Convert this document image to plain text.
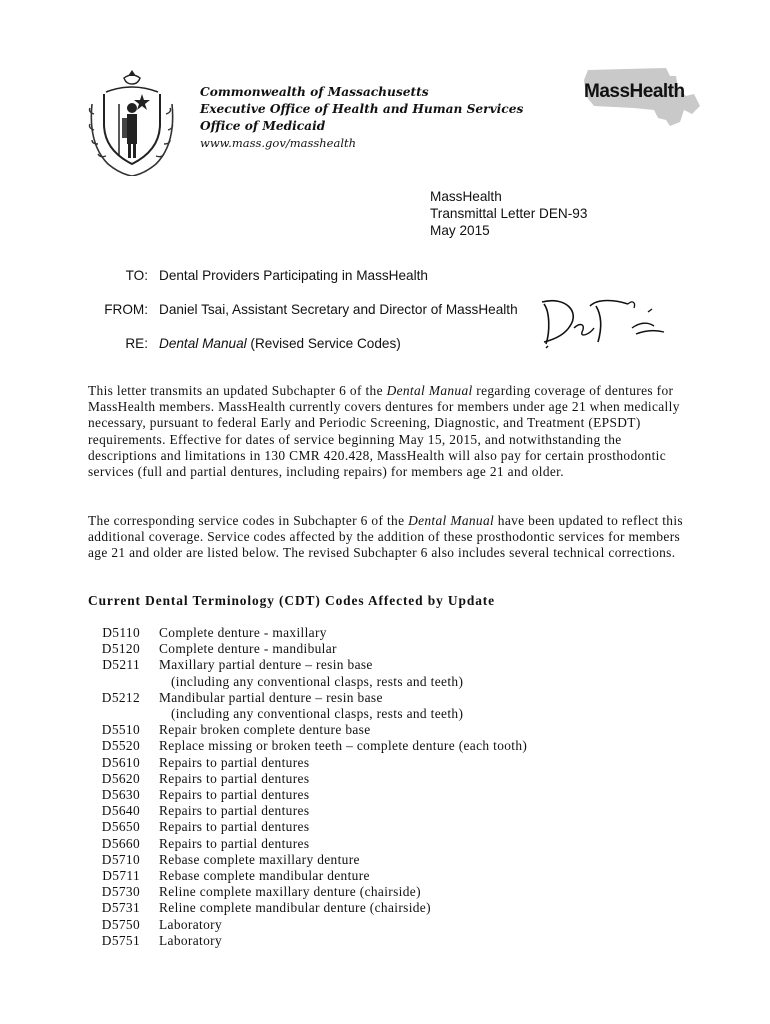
Commonwealth of Massachusetts
Executive Office of Health and Human Services
Office of Medicaid
www.mass.gov/masshealth
MassHealth
MassHealth
Transmittal Letter DEN-93
May 2015
TO: Dental Providers Participating in MassHealth
FROM: Daniel Tsai, Assistant Secretary and Director of MassHealth
RE: Dental Manual (Revised Service Codes)

This letter transmits an updated Subchapter 6 of the Dental Manual regarding coverage of dentures for MassHealth members. MassHealth currently covers dentures for members under age 21 when medically necessary, pursuant to federal Early and Periodic Screening, Diagnostic, and Treatment (EPSDT) requirements. Effective for dates of service beginning May 15, 2015, and notwithstanding the descriptions and limitations in 130 CMR 420.428, MassHealth will also pay for certain prosthodontic services (full and partial dentures, including repairs) for members age 21 and older.

The corresponding service codes in Subchapter 6 of the Dental Manual have been updated to reflect this additional coverage. Service codes affected by the addition of these prosthodontic services for members age 21 and older are listed below. The revised Subchapter 6 also includes several technical corrections.

Current Dental Terminology (CDT) Codes Affected by Update
D5110	Complete denture - maxillary
D5120	Complete denture - mandibular
D5211	Maxillary partial denture – resin base
(including any conventional clasps, rests and teeth)
D5212	Mandibular partial denture – resin base
(including any conventional clasps, rests and teeth)
D5510	Repair broken complete denture base
D5520	Replace missing or broken teeth – complete denture (each tooth)
D5610	Repairs to partial dentures
D5620	Repairs to partial dentures
D5630	Repairs to partial dentures
D5640	Repairs to partial dentures
D5650	Repairs to partial dentures
D5660	Repairs to partial dentures
D5710	Rebase complete maxillary denture
D5711	Rebase complete mandibular denture
D5730	Reline complete maxillary denture (chairside)
D5731	Reline complete mandibular denture (chairside)
D5750	Laboratory
D5751	Laboratory
